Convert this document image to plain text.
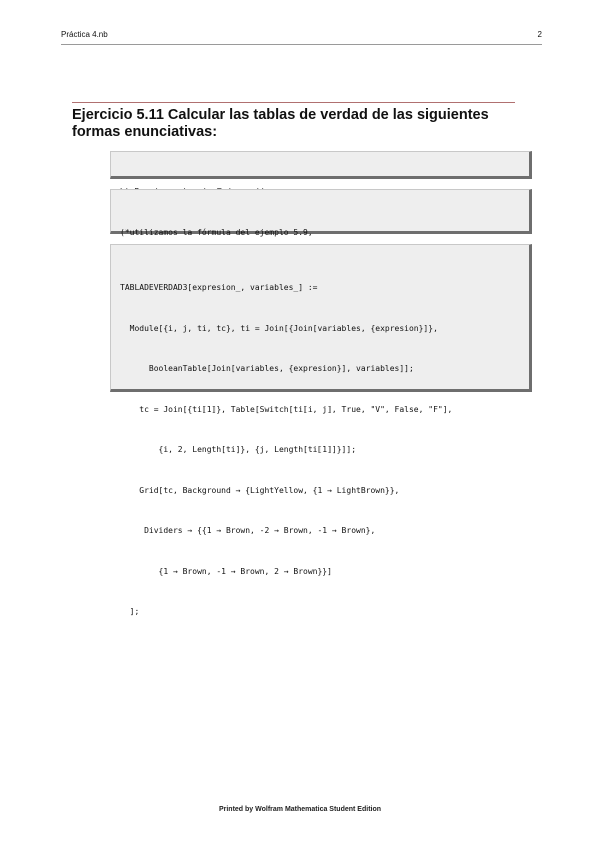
Práctica 4.nb	2
Ejercicio 5.11 Calcular las tablas de verdad de las siguientes
formas enunciativas:

(*utilizamos la fórmula del ejemplo 5.9,

TABLADEVERDAD3[expresion_, variables_] :=

Module[{i, j, ti, tc}, ti = Join[{Join[variables, {expresion}]},

BooleanTable[Join[variables, {expresion}], variables]];

tc = Join[{ti⟦1⟧}, Table[Switch[ti⟦i, j⟧, True, "V", False, "F"],

{i, 2, Length[ti]}, {j, Length[ti⟦1⟧]}]];

Grid[tc, Background → {LightYellow, {1 → LightBrown}},

Dividers → {{1 → Brown, -2 → Brown, -1 → Brown},

{1 → Brown, -1 → Brown, 2 → Brown}}]

];

Printed by Wolfram Mathematica Student Edition
